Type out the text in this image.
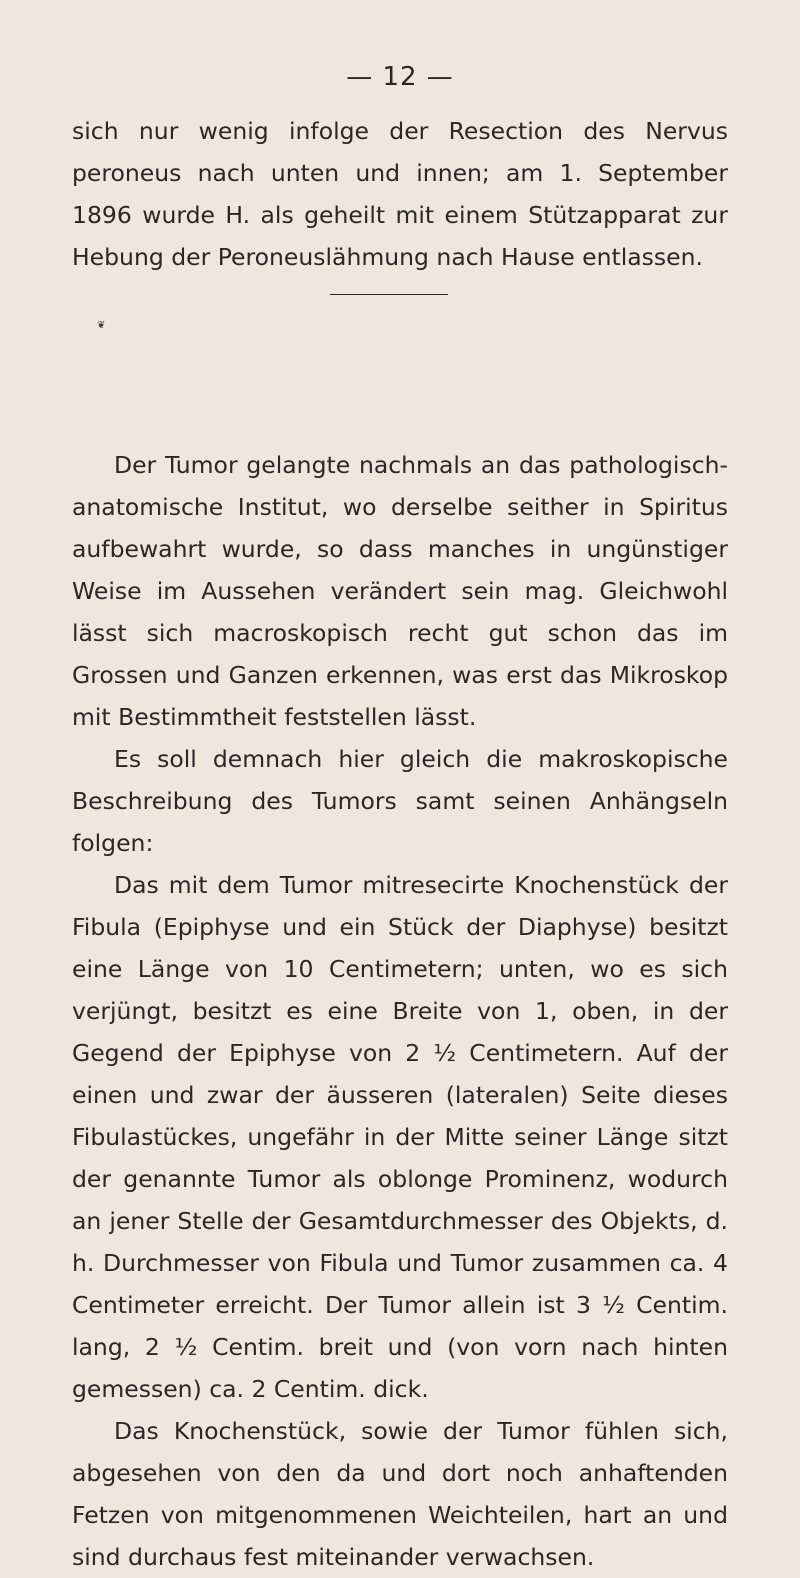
— 12 —

sich nur wenig infolge der Resection des Nervus peroneus nach unten und innen; am 1. September 1896 wurde H. als geheilt mit einem Stützapparat zur Hebung der Peroneuslähmung nach Hause entlassen.

❦

Der Tumor gelangte nachmals an das pathologisch-anatomische Institut, wo derselbe seither in Spiritus aufbewahrt wurde, so dass manches in ungünstiger Weise im Aussehen verändert sein mag. Gleichwohl lässt sich macroskopisch recht gut schon das im Grossen und Ganzen erkennen, was erst das Mikroskop mit Bestimmtheit feststellen lässt.

Es soll demnach hier gleich die makroskopische Beschreibung des Tumors samt seinen Anhängseln folgen:

Das mit dem Tumor mitresecirte Knochenstück der Fibula (Epiphyse und ein Stück der Diaphyse) besitzt eine Länge von 10 Centimetern; unten, wo es sich verjüngt, besitzt es eine Breite von 1, oben, in der Gegend der Epiphyse von 2 ½ Centimetern. Auf der einen und zwar der äusseren (lateralen) Seite dieses Fibulastückes, ungefähr in der Mitte seiner Länge sitzt der genannte Tumor als oblonge Prominenz, wodurch an jener Stelle der Gesamtdurchmesser des Objekts, d. h. Durchmesser von Fibula und Tumor zusammen ca. 4 Centimeter erreicht. Der Tumor allein ist 3 ½ Centim. lang, 2 ½ Centim. breit und (von vorn nach hinten gemessen) ca. 2 Centim. dick.

Das Knochenstück, sowie der Tumor fühlen sich, abgesehen von den da und dort noch anhaftenden Fetzen von mitgenommenen Weichteilen, hart an und sind durchaus fest miteinander verwachsen.
